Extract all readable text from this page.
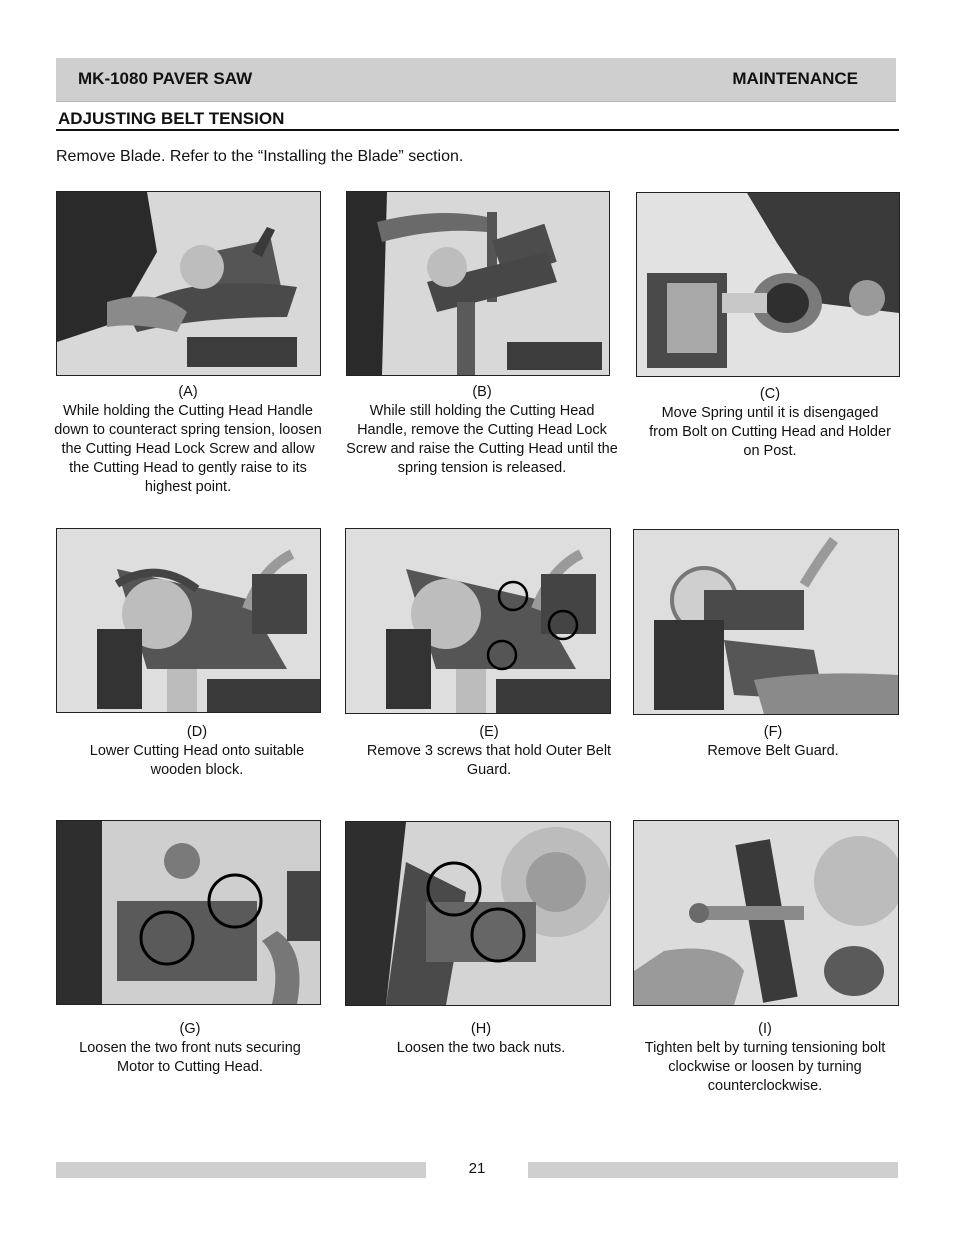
MK-1080 PAVER SAW	MAINTENANCE
ADJUSTING BELT TENSION
Remove Blade. Refer to the “Installing the Blade” section.
(A)
While holding the Cutting Head Handle down to counteract spring tension, loosen the Cutting Head Lock Screw and allow the Cutting Head to gently raise to its highest point.
(B)
While still holding the Cutting Head Handle, remove the Cutting Head Lock Screw and raise the Cutting Head until the spring tension is released.
(C)
Move Spring until it is disengaged from Bolt on Cutting Head and Holder on Post.
(D)
Lower Cutting Head onto suitable wooden block.
(E)
Remove 3 screws that hold Outer Belt Guard.
(F)
Remove Belt Guard.
(G)
Loosen the two front nuts securing Motor to Cutting Head.
(H)
Loosen the two back nuts.
(I)
Tighten belt by turning tensioning bolt clockwise or loosen by turning counterclockwise.
21
